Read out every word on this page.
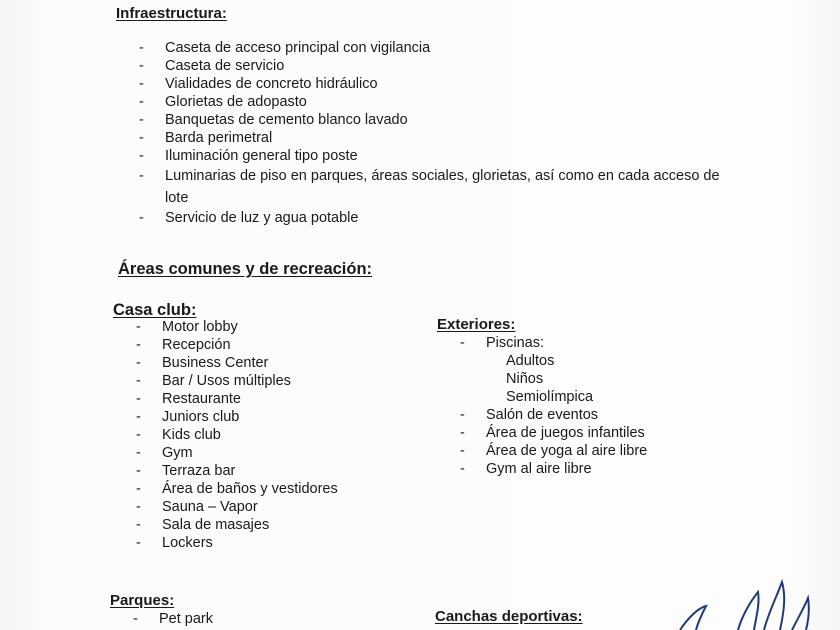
Infraestructura:
- Caseta de acceso principal con vigilancia
- Caseta de servicio
- Vialidades de concreto hidráulico
- Glorietas de adopasto
- Banquetas de cemento blanco lavado
- Barda perimetral
- Iluminación general tipo poste
- Luminarias de piso en parques, áreas sociales, glorietas, así como en cada acceso de lote
- Servicio de luz y agua potable
Áreas comunes y de recreación:
Casa club:
- Motor lobby
- Recepción
- Business Center
- Bar / Usos múltiples
- Restaurante
- Juniors club
- Kids club
- Gym
- Terraza bar
- Área de baños y vestidores
- Sauna – Vapor
- Sala de masajes
- Lockers
Exteriores:
- Piscinas:
Adultos
Niños
Semiolímpica
- Salón de eventos
- Área de juegos infantiles
- Área de yoga al aire libre
- Gym al aire libre
Parques:
- Pet park	Canchas deportivas:
